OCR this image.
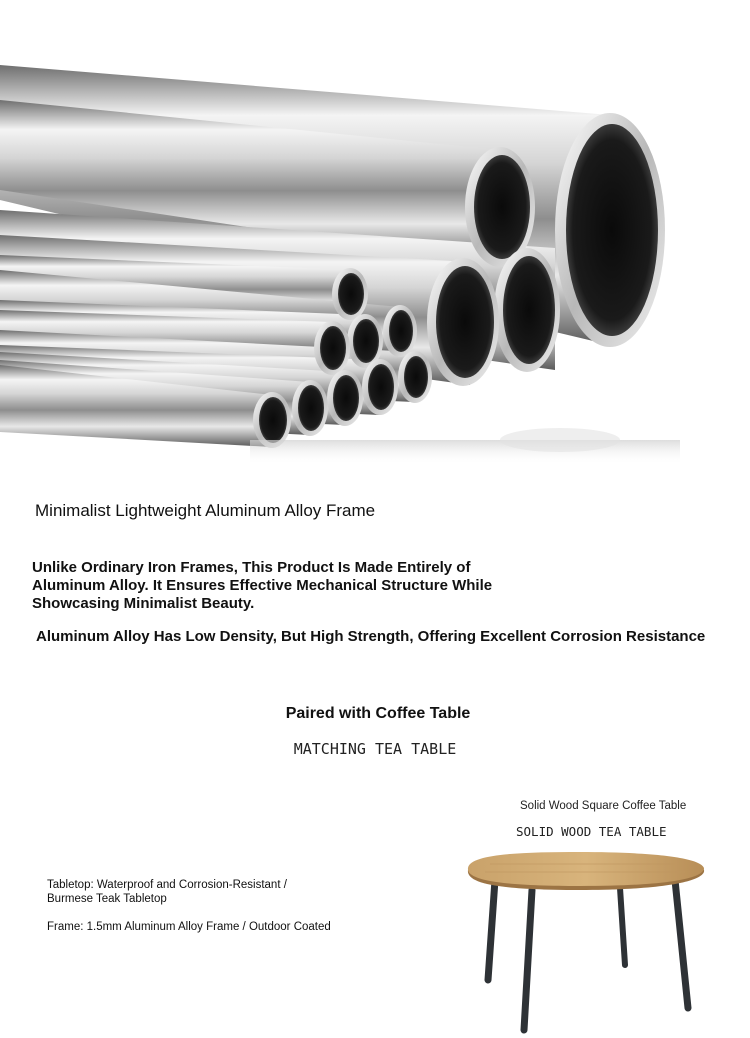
Minimalist Lightweight Aluminum Alloy Frame
Unlike Ordinary Iron Frames, This Product Is Made Entirely of
Aluminum Alloy. It Ensures Effective Mechanical Structure While
Showcasing Minimalist Beauty.
Aluminum Alloy Has Low Density, But High Strength, Offering Excellent Corrosion Resistance
Paired with Coffee Table
MATCHING TEA TABLE
Tabletop: Waterproof and Corrosion-Resistant /
Burmese Teak Tabletop
Frame: 1.5mm Aluminum Alloy Frame / Outdoor Coated
Solid Wood Square Coffee Table
SOLID WOOD TEA TABLE
